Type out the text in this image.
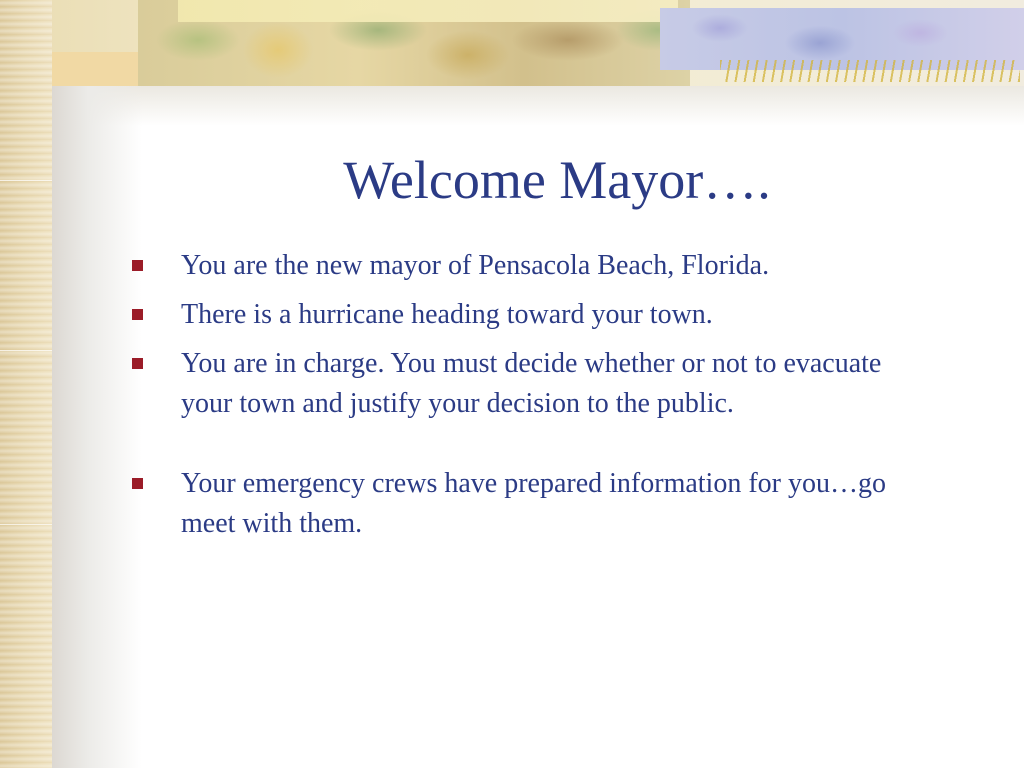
Welcome Mayor….
You are the new mayor of Pensacola Beach, Florida.
There is a hurricane heading toward your town.
You are in charge. You must decide whether or not to evacuate your town and justify your decision to the public.
Your emergency crews have prepared information for you…go meet with them.
